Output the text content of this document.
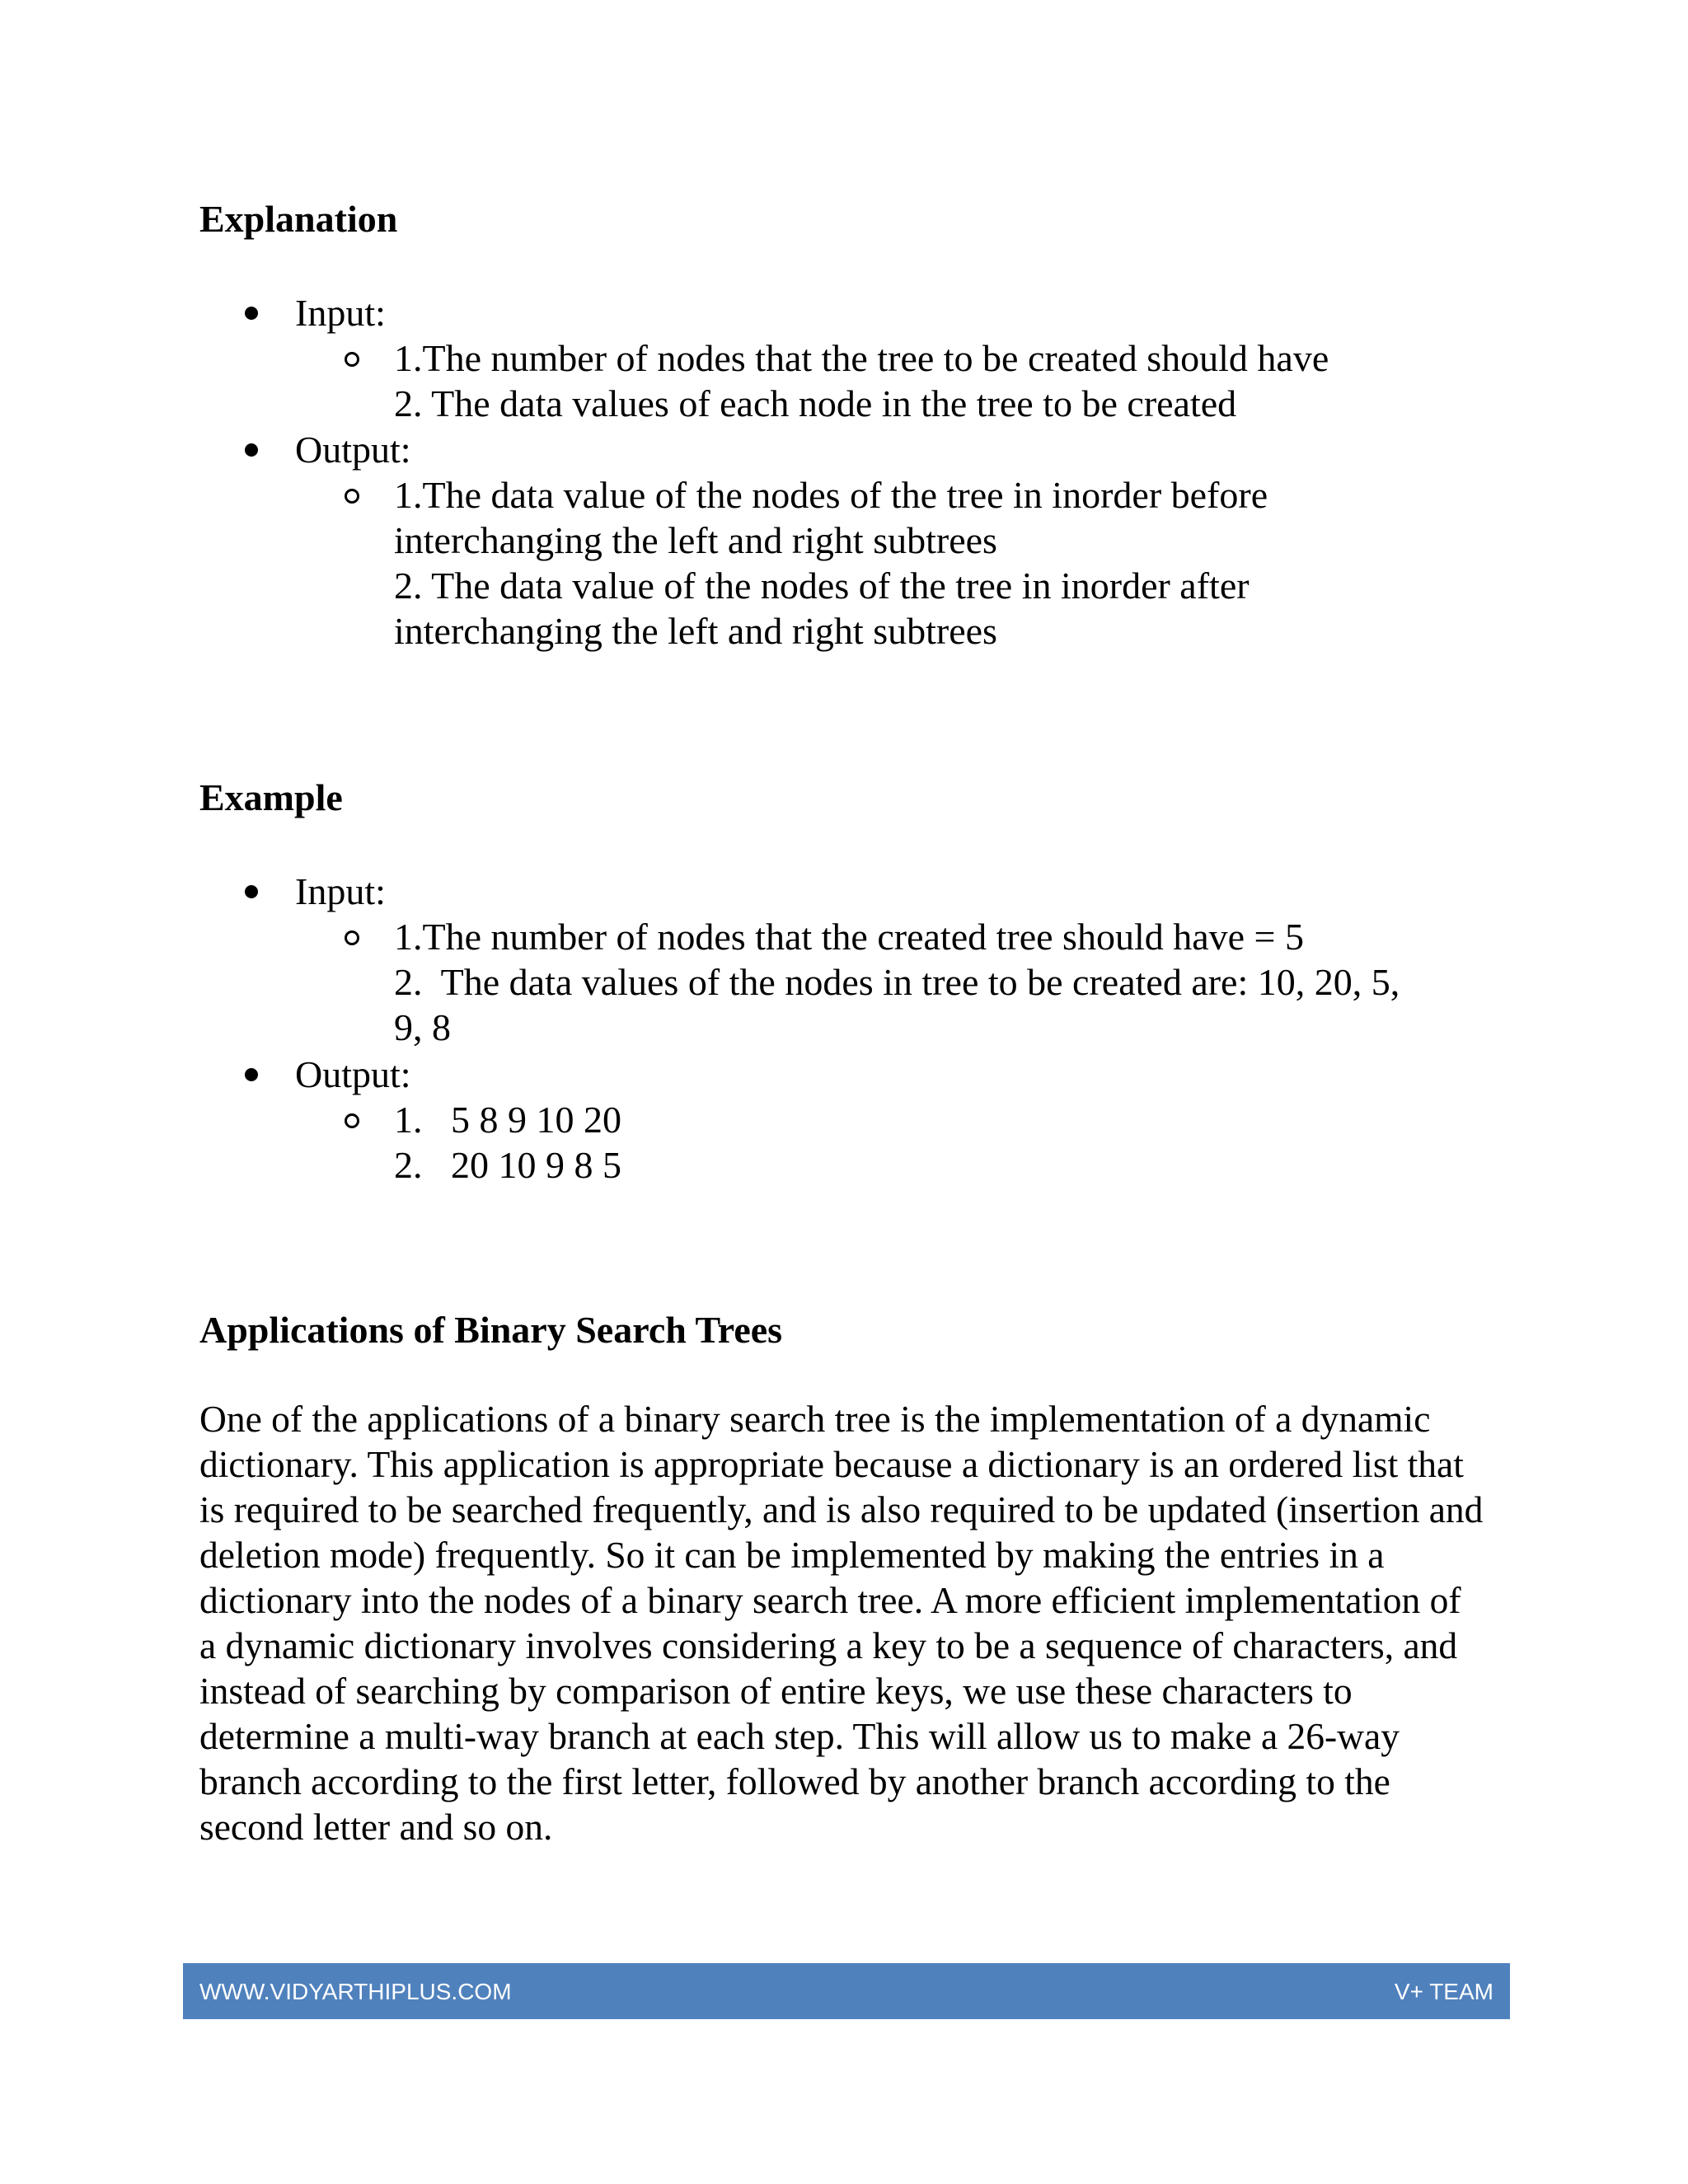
Explanation
Input:
1.The number of nodes that the tree to be created should have
2. The data values of each node in the tree to be created
Output:
1.The data value of the nodes of the tree in inorder before
interchanging the left and right subtrees
2. The data value of the nodes of the tree in inorder after
interchanging the left and right subtrees
Example
Input:
1.The number of nodes that the created tree should have = 5
2.  The data values of the nodes in tree to be created are: 10, 20, 5,
9, 8
Output:
1.   5 8 9 10 20
2.   20 10 9 8 5
Applications of Binary Search Trees

One of the applications of a binary search tree is the implementation of a dynamic dictionary. This application is appropriate because a dictionary is an ordered list that is required to be searched frequently, and is also required to be updated (insertion and deletion mode) frequently. So it can be implemented by making the entries in a dictionary into the nodes of a binary search tree. A more efficient implementation of a dynamic dictionary involves considering a key to be a sequence of characters, and instead of searching by comparison of entire keys, we use these characters to determine a multi-way branch at each step. This will allow us to make a 26-way branch according to the first letter, followed by another branch according to the second letter and so on.

WWW.VIDYARTHIPLUS.COM	V+ TEAM
